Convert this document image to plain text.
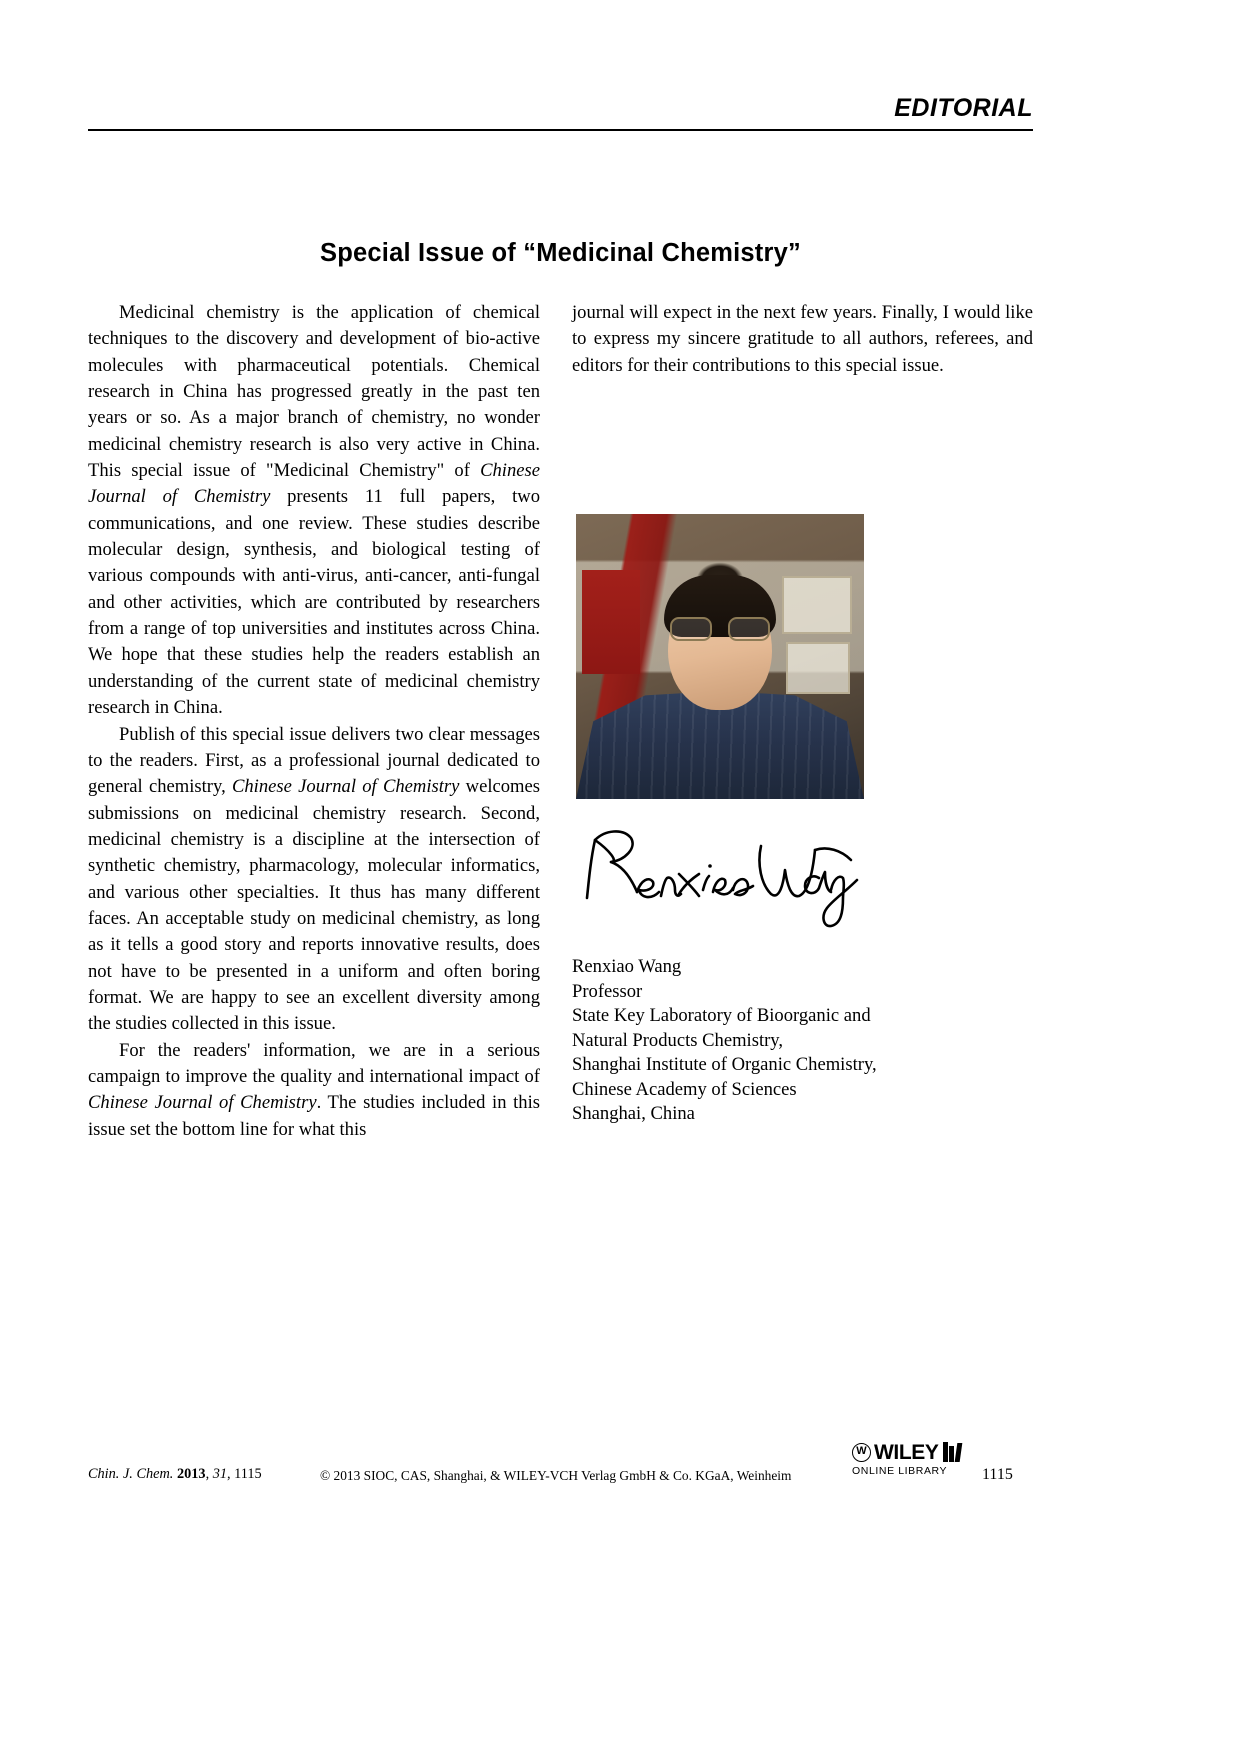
EDITORIAL
Special Issue of “Medicinal Chemistry”

Medicinal chemistry is the application of chemical techniques to the discovery and development of bio-active molecules with pharmaceutical potentials. Chemical research in China has progressed greatly in the past ten years or so. As a major branch of chemistry, no wonder medicinal chemistry research is also very active in China. This special issue of "Medicinal Chemistry" of Chinese Journal of Chemistry presents 11 full papers, two communications, and one review. These studies describe molecular design, synthesis, and biological testing of various compounds with anti-virus, anti-cancer, anti-fungal and other activities, which are contributed by researchers from a range of top universities and institutes across China. We hope that these studies help the readers establish an understanding of the current state of medicinal chemistry research in China.

Publish of this special issue delivers two clear messages to the readers. First, as a professional journal dedicated to general chemistry, Chinese Journal of Chemistry welcomes submissions on medicinal chemistry research. Second, medicinal chemistry is a discipline at the intersection of synthetic chemistry, pharmacology, molecular informatics, and various other specialties. It thus has many different faces. An acceptable study on medicinal chemistry, as long as it tells a good story and reports innovative results, does not have to be presented in a uniform and often boring format. We are happy to see an excellent diversity among the studies collected in this issue.

For the readers' information, we are in a serious campaign to improve the quality and international impact of Chinese Journal of Chemistry. The studies included in this issue set the bottom line for what this

journal will expect in the next few years. Finally, I would like to express my sincere gratitude to all authors, referees, and editors for their contributions to this special issue.

Renxiao Wang
Professor
State Key Laboratory of Bioorganic and
Natural Products Chemistry,
Shanghai Institute of Organic Chemistry,
Chinese Academy of Sciences
Shanghai, China
Chin. J. Chem. 2013, 31, 1115	© 2013 SIOC, CAS, Shanghai, & WILEY-VCH Verlag GmbH & Co. KGaA, Weinheim
W
WILEY
ONLINE LIBRARY	1115
